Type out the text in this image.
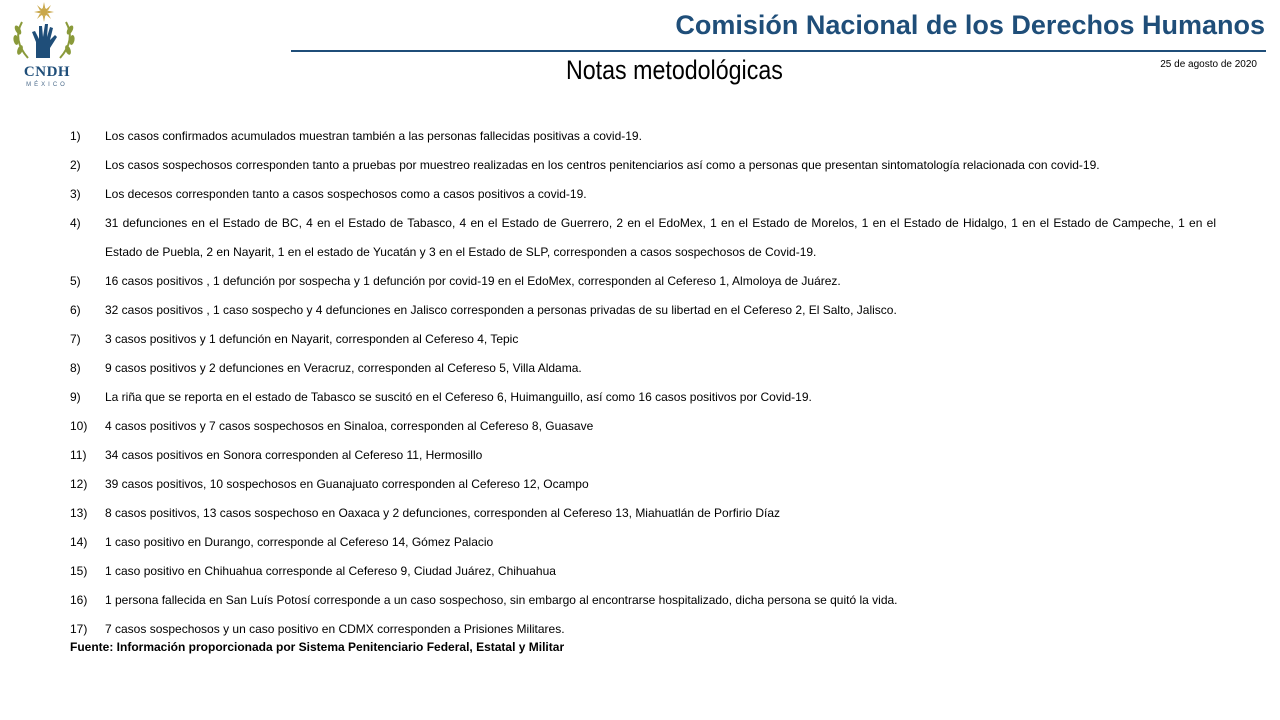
CNDH
MÉXICO
Comisión Nacional de los Derechos Humanos
Notas metodológicas	25 de agosto de 2020
1)	Los casos confirmados acumulados muestran también a las personas fallecidas positivas a covid-19.
2)	Los casos sospechosos corresponden tanto a pruebas por muestreo realizadas en los centros penitenciarios así como a personas que presentan sintomatología relacionada con covid-19.
3)	Los decesos corresponden tanto a casos sospechosos como a casos positivos a covid-19.
4)	31 defunciones en el Estado de BC, 4 en el Estado de Tabasco, 4 en el Estado de Guerrero, 2 en el EdoMex, 1 en el Estado de Morelos, 1 en el Estado de Hidalgo, 1 en el Estado de Campeche, 1 en el Estado de Puebla, 2 en Nayarit, 1 en el estado de Yucatán y 3 en el Estado de SLP, corresponden a casos sospechosos de Covid-19.
5)	16 casos positivos , 1 defunción por sospecha y 1 defunción por covid-19 en el EdoMex, corresponden al Cefereso 1, Almoloya de Juárez.
6)	32 casos positivos , 1 caso sospecho y 4 defunciones en Jalisco corresponden a personas privadas de su libertad en el Cefereso 2, El Salto, Jalisco.
7)	3 casos positivos y 1 defunción en Nayarit, corresponden al Cefereso 4, Tepic
8)	9 casos positivos y 2 defunciones en Veracruz, corresponden al Cefereso 5, Villa Aldama.
9)	La riña que se reporta en el estado de Tabasco se suscitó en el Cefereso 6, Huimanguillo, así como 16 casos positivos por Covid-19.
10)	4 casos positivos y 7 casos sospechosos en Sinaloa, corresponden al Cefereso 8, Guasave
11)	34 casos positivos en Sonora corresponden al Cefereso 11, Hermosillo
12)	39 casos positivos, 10 sospechosos en Guanajuato corresponden al Cefereso 12, Ocampo
13)	8 casos positivos, 13 casos sospechoso en Oaxaca y 2 defunciones, corresponden al Cefereso 13, Miahuatlán de Porfirio Díaz
14)	1 caso positivo en Durango, corresponde al Cefereso 14, Gómez Palacio
15)	1 caso positivo en Chihuahua corresponde al Cefereso 9, Ciudad Juárez, Chihuahua
16)	1 persona fallecida en San Luís Potosí corresponde a un caso sospechoso, sin embargo al encontrarse hospitalizado, dicha persona se quitó la vida.
17)	7 casos sospechosos y un caso positivo en CDMX corresponden a Prisiones Militares.
Fuente: Información proporcionada por Sistema Penitenciario Federal, Estatal y Militar
